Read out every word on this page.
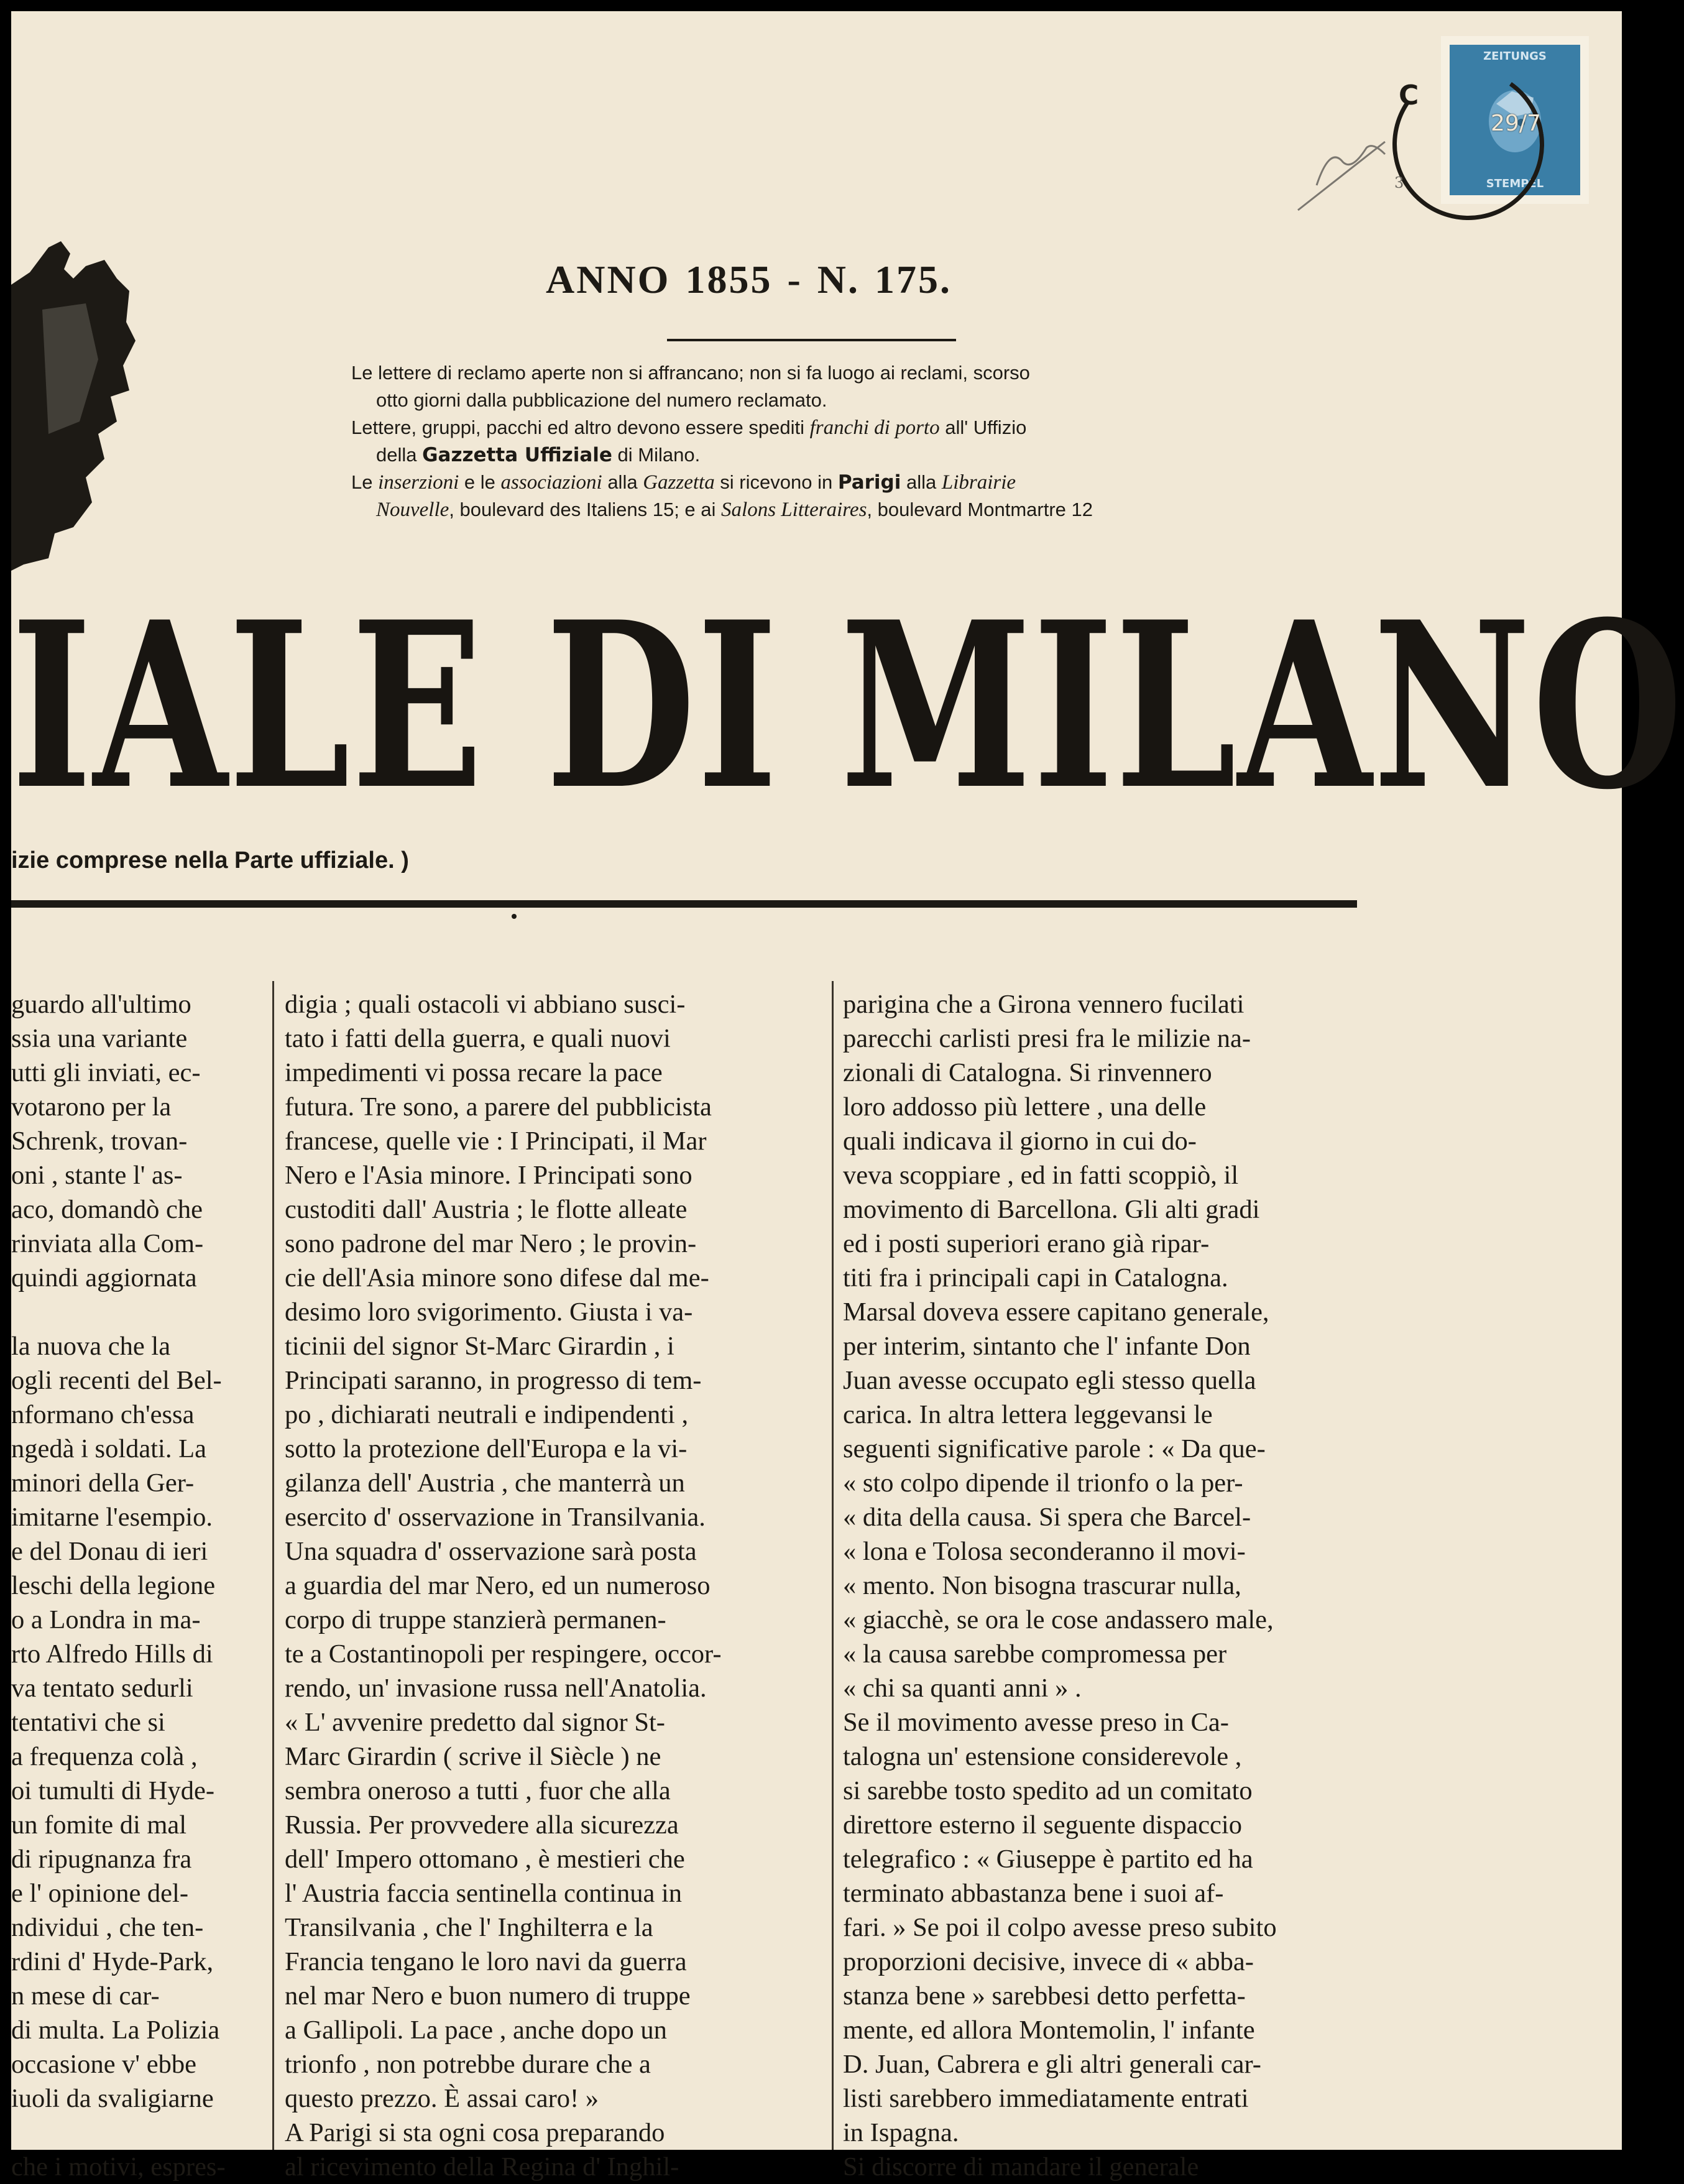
ANNO 1855 - N. 175.

Le lettere di reclamo aperte non si affrancano; non si fa luogo ai reclami, scorso

otto giorni dalla pubblicazione del numero reclamato.

Lettere, gruppi, pacchi ed altro devono essere spediti franchi di porto all' Uffizio

della Gazzetta Uffiziale di Milano.

Le inserzioni e le associazioni alla Gazzetta si ricevono in Parigi alla Librairie

Nouvelle, boulevard des Italiens 15; e ai Salons Litteraires, boulevard Montmartre 12

IALE DI MILANO
izie comprese nella Parte uffiziale. )

guardo all'ultimo

ssia una variante

utti gli inviati, ec-

votarono per la

Schrenk, trovan-

oni , stante l' as-

aco, domandò che

rinviata alla Com-

quindi aggiornata

la nuova che la

ogli recenti del Bel-

nformano ch'essa

ngedà i soldati. La

minori della Ger-

imitarne l'esempio.

e del Donau di ieri

leschi della legione

o a Londra in ma-

rto Alfredo Hills di

va tentato sedurli

tentativi che si

a frequenza colà ,

oi tumulti di Hyde-

un fomite di mal

di ripugnanza fra

e l' opinione del-

ndividui , che ten-

rdini d' Hyde-Park,

n mese di car-

di multa. La Polizia

occasione v' ebbe

iuoli da svaligiarne

che i motivi, espres-

digia ; quali ostacoli vi abbiano susci-

tato i fatti della guerra, e quali nuovi

impedimenti vi possa recare la pace

futura. Tre sono, a parere del pubblicista

francese, quelle vie : I Principati, il Mar

Nero e l'Asia minore. I Principati sono

custoditi dall' Austria ; le flotte alleate

sono padrone del mar Nero ; le provin-

cie dell'Asia minore sono difese dal me-

desimo loro svigorimento. Giusta i va-

ticinii del signor St-Marc Girardin , i

Principati saranno, in progresso di tem-

po , dichiarati neutrali e indipendenti ,

sotto la protezione dell'Europa e la vi-

gilanza dell' Austria , che manterrà un

esercito d' osservazione in Transilvania.

Una squadra d' osservazione sarà posta

a guardia del mar Nero, ed un numeroso

corpo di truppe stanzierà permanen-

te a Costantinopoli per respingere, occor-

rendo, un' invasione russa nell'Anatolia.

« L' avvenire predetto dal signor St-

Marc Girardin ( scrive il Siècle ) ne

sembra oneroso a tutti , fuor che alla

Russia. Per provvedere alla sicurezza

dell' Impero ottomano , è mestieri che

l' Austria faccia sentinella continua in

Transilvania , che l' Inghilterra e la

Francia tengano le loro navi da guerra

nel mar Nero e buon numero di truppe

a Gallipoli. La pace , anche dopo un

trionfo , non potrebbe durare che a

questo prezzo. È assai caro! »

A Parigi si sta ogni cosa preparando

al ricevimento della Regina d' Inghil-

parigina che a Girona vennero fucilati

parecchi carlisti presi fra le milizie na-

zionali di Catalogna. Si rinvennero

loro addosso più lettere , una delle

quali indicava il giorno in cui do-

veva scoppiare , ed in fatti scoppiò, il

movimento di Barcellona. Gli alti gradi

ed i posti superiori erano già ripar-

titi fra i principali capi in Catalogna.

Marsal doveva essere capitano generale,

per interim, sintanto che l' infante Don

Juan avesse occupato egli stesso quella

carica. In altra lettera leggevansi le

seguenti significative parole : « Da que-

« sto colpo dipende il trionfo o la per-

« dita della causa. Si spera che Barcel-

« lona e Tolosa seconderanno il movi-

« mento. Non bisogna trascurar nulla,

« giacchè, se ora le cose andassero male,

« la causa sarebbe compromessa per

« chi sa quanti anni » .

Se il movimento avesse preso in Ca-

talogna un' estensione considerevole ,

si sarebbe tosto spedito ad un comitato

direttore esterno il seguente dispaccio

telegrafico : « Giuseppe è partito ed ha

terminato abbastanza bene i suoi af-

fari. » Se poi il colpo avesse preso subito

proporzioni decisive, invece di « abba-

stanza bene » sarebbesi detto perfetta-

mente, ed allora Montemolin, l' infante

D. Juan, Cabrera e gli altri generali car-

listi sarebbero immediatamente entrati

in Ispagna.

Si discorre di mandare il generale

ZEITUNGS
STEMPEL
C
29/7
3
